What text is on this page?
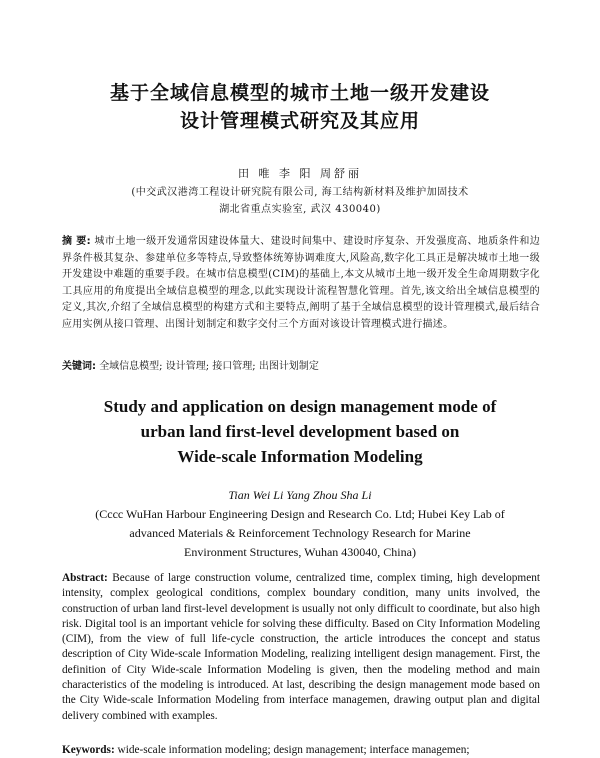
基于全域信息模型的城市土地一级开发建设
设计管理模式研究及其应用
田 唯 李 阳 周舒丽
(中交武汉港湾工程设计研究院有限公司, 海工结构新材料及维护加固技术
湖北省重点实验室, 武汉 430040)
摘 要: 城市土地一级开发通常因建设体量大、建设时间集中、建设时序复杂、开发强度高、地质条件和边界条件极其复杂、参建单位多等特点,导致整体统筹协调难度大,风险高,数字化工具正是解决城市土地一级开发建设中难题的重要手段。在城市信息模型(CIM)的基础上,本文从城市土地一级开发全生命周期数字化工具应用的角度提出全域信息模型的理念,以此实现设计流程智慧化管理。首先,该文给出全域信息模型的定义,其次,介绍了全域信息模型的构建方式和主要特点,阐明了基于全域信息模型的设计管理模式,最后结合应用实例从接口管理、出图计划制定和数字交付三个方面对该设计管理模式进行描述。
关键词: 全域信息模型; 设计管理; 接口管理; 出图计划制定
Study and application on design management mode of
urban land first-level development based on
Wide-scale Information Modeling
Tian Wei Li Yang Zhou Sha Li
(Cccc WuHan Harbour Engineering Design and Research Co. Ltd; Hubei Key Lab of
advanced Materials & Reinforcement Technology Research for Marine
Environment Structures, Wuhan 430040, China)
Abstract: Because of large construction volume, centralized time, complex timing, high development intensity, complex geological conditions, complex boundary condition, many units involved, the construction of urban land first-level development is usually not only difficult to coordinate, but also high risk. Digital tool is an important vehicle for solving these difficulty. Based on City Information Modeling (CIM), from the view of full life-cycle construction, the article introduces the concept and status description of City Wide-scale Information Modeling, realizing intelligent design management. First, the definition of City Wide-scale Information Modeling is given, then the modeling method and main characteristics of the modeling is introduced. At last, describing the design management mode based on the City Wide-scale Information Modeling from interface managemen, drawing output plan and digital delivery combined with examples.
Keywords: wide-scale information modeling; design management; interface managemen;
